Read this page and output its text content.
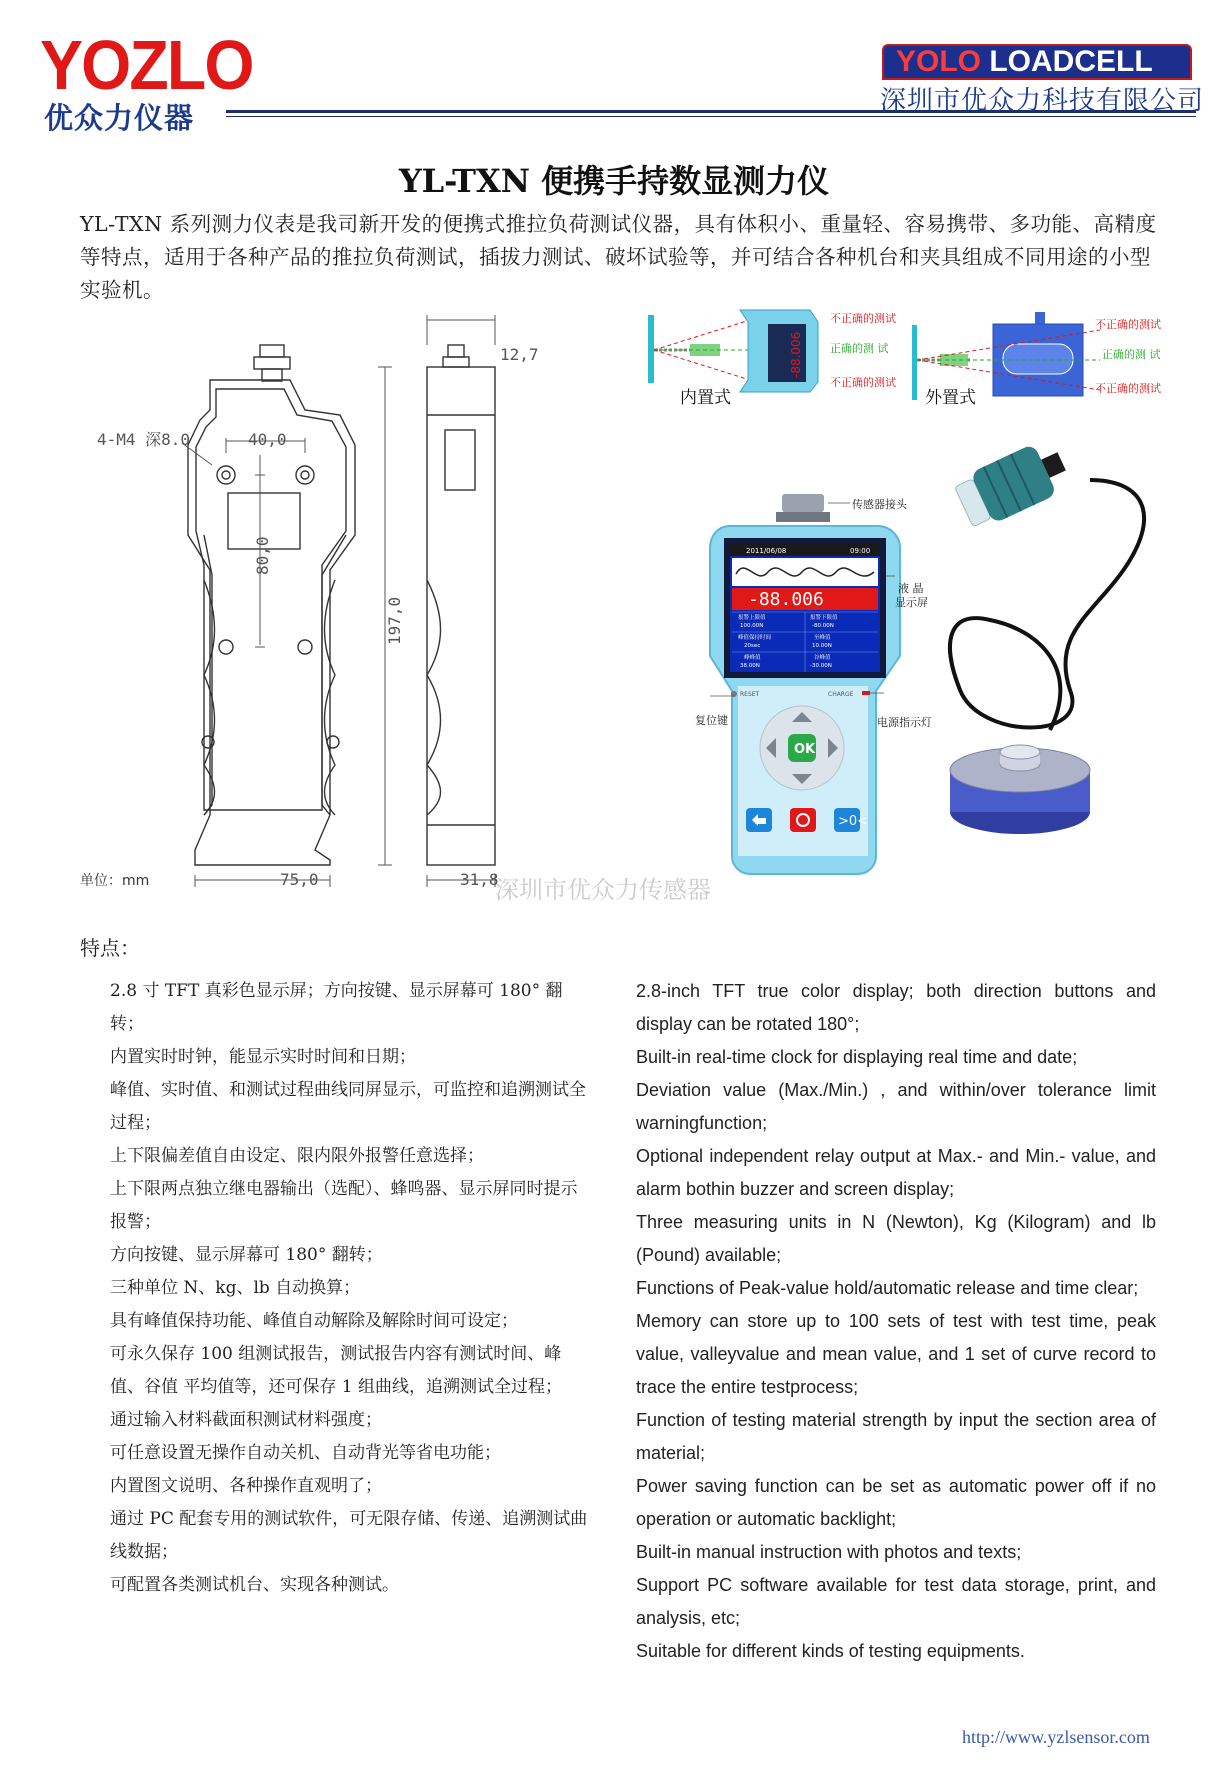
YOZLO
优众力仪器
YOLO LOADCELL
深圳市优众力科技有限公司
YL-TXN 便携手持数显测力仪
YL-TXN 系列测力仪表是我司新开发的便携式推拉负荷测试仪器，具有体积小、重量轻、容易携带、多功能、高精度等特点，适用于各种产品的推拉负荷测试，插拔力测试、破坏试验等，并可结合各种机台和夹具组成不同用途的小型实验机。
4-M4 深8.0	40,0
80,0
197,0
75,0	31,8
12,7
单位：mm
-88.006
内置式
不正确的测试
正确的测 试
不正确的测试
外置式
不正确的测试
正确的测 试
不正确的测试
2011/06/08	09:00
-88.006
报警上限值
100.00N
报警下限值
-80.00N
峰值保持时间
20sec
至峰值
10.00N
峰峰值
38.00N
谷峰值
-30.00N
RESET	CHARGE
OK
>0<
传感器接头
液 晶
显示屏
复位键	电源指示灯
深圳市优众力传感器
特点：
2.8 寸 TFT 真彩色显示屏；方向按键、显示屏幕可 180° 翻转；
内置实时时钟，能显示实时时间和日期；
峰值、实时值、和测试过程曲线同屏显示，可监控和追溯测试全过程；
上下限偏差值自由设定、限内限外报警任意选择；
上下限两点独立继电器输出（选配）、蜂鸣器、显示屏同时提示报警；
方向按键、显示屏幕可 180° 翻转；
三种单位 N、kg、lb 自动换算；
具有峰值保持功能、峰值自动解除及解除时间可设定；
可永久保存 100 组测试报告，测试报告内容有测试时间、峰值、谷值 平均值等，还可保存 1 组曲线，追溯测试全过程；
通过输入材料截面积测试材料强度；
可任意设置无操作自动关机、自动背光等省电功能；
内置图文说明、各种操作直观明了；
通过 PC 配套专用的测试软件，可无限存储、传递、追溯测试曲线数据；
可配置各类测试机台、实现各种测试。
2.8-inch TFT true color display; both direction buttons and display can be rotated 180°;
Built-in real-time clock for displaying real time and date;
Deviation value (Max./Min.) , and within/over tolerance limit warningfunction;
Optional independent relay output at Max.- and Min.- value, and alarm bothin buzzer and screen display;
Three measuring units in N (Newton), Kg (Kilogram) and lb (Pound) available;
Functions of Peak-value hold/automatic release and time clear;
Memory can store up to 100 sets of test with test time, peak value, valleyvalue and mean value, and 1 set of curve record to trace the entire testprocess;
Function of testing material strength by input the section area of material;
Power saving function can be set as automatic power off if no operation or automatic backlight;
Built-in manual instruction with photos and texts;
Support PC software available for test data storage, print, and analysis, etc;
Suitable for different kinds of testing equipments.
http://www.yzlsensor.com
